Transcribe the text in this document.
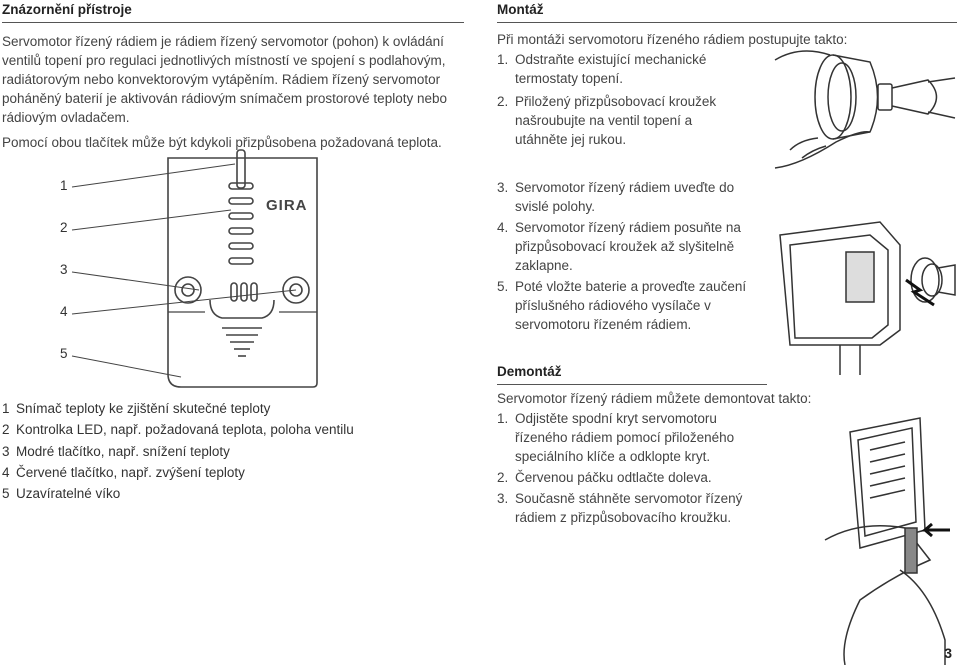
Znázornění přístroje

Servomotor řízený rádiem je rádiem řízený servomotor (pohon) k ovládání ventilů topení pro regulaci jednotlivých místností ve spojení s podlahovým, radiátorovým nebo konvektorovým vytápěním. Rádiem řízený servomotor poháněný baterií je aktivován rádiovým snímačem prostorové teploty nebo rádiovým ovladačem.

Pomocí obou tlačítek může být kdykoli přizpůsobena požadovaná teplota.

GIRA
1
2
3
4
5
1 Snímač teploty ke zjištění skutečné teploty
2 Kontrolka LED, např. požadovaná teplota, poloha ventilu
3 Modré tlačítko, např. snížení teploty
4 Červené tlačítko, např. zvýšení teploty
5 Uzavíratelné víko
Montáž
Při montáži servomotoru řízeného rádiem postupujte takto:
1. Odstraňte existující mechanické termostaty topení.
2. Přiložený přizpůsobovací kroužek našroubujte na ventil topení a utáhněte jej rukou.
3. Servomotor řízený rádiem uveďte do svislé polohy.
4. Servomotor řízený rádiem posuňte na přizpůsobovací kroužek až slyšitelně zaklapne.
5. Poté vložte baterie a proveďte zaučení příslušného rádiového vysílače v servomotoru řízeném rádiem.
Demontáž
Servomotor řízený rádiem můžete demontovat takto:
1. Odjistěte spodní kryt servomotoru řízeného rádiem pomocí přiloženého speciálního klíče a odklopte kryt.
2. Červenou páčku odtlačte doleva.
3. Současně stáhněte servomotor řízený rádiem z přizpůsobovacího kroužku.
3
